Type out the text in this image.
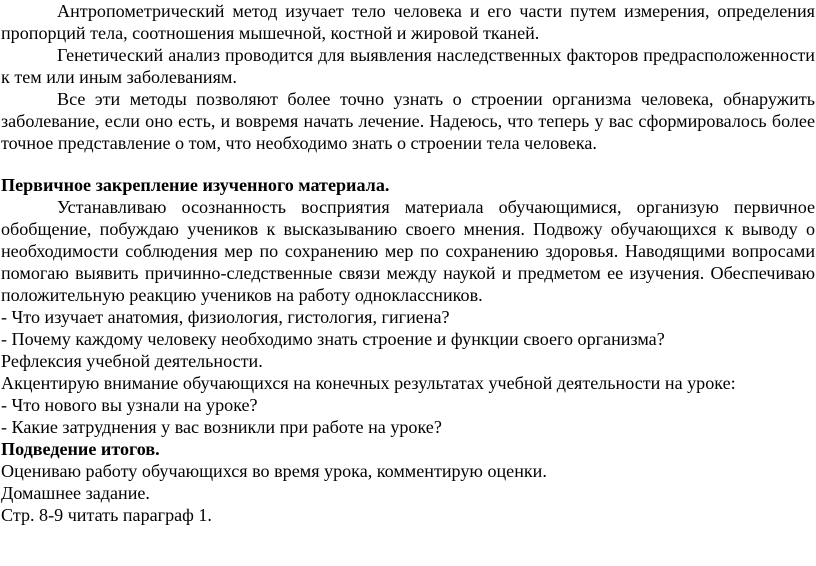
Антропометрический метод изучает тело человека и его части путем измерения, определения
пропорций тела, соотношения мышечной, костной и жировой тканей.
Генетический анализ проводится для выявления наследственных факторов предрасположенности
к тем или иным заболеваниям.
Все эти методы позволяют более точно узнать о строении организма человека, обнаружить
заболевание, если оно есть, и вовремя начать лечение. Надеюсь, что теперь у вас сформировалось более
точное представление о том, что необходимо знать о строении тела человека.
Первичное закрепление изученного материала.
Устанавливаю осознанность восприятия материала обучающимися, организую первичное
обобщение, побуждаю учеников к высказыванию своего мнения. Подвожу обучающихся к выводу о
необходимости соблюдения мер по сохранению мер по сохранению здоровья. Наводящими вопросами
помогаю выявить причинно-следственные связи между наукой и предметом ее изучения. Обеспечиваю
положительную реакцию учеников на работу одноклассников.
- Что изучает анатомия, физиология, гистология, гигиена?
- Почему каждому человеку необходимо знать строение и функции своего организма?
Рефлексия учебной деятельности.
Акцентирую внимание обучающихся на конечных результатах учебной деятельности на уроке:
- Что нового вы узнали на уроке?
- Какие затруднения у вас возникли при работе на уроке?
Подведение итогов.
Оцениваю работу обучающихся во время урока, комментирую оценки.
Домашнее задание.
Стр. 8-9 читать параграф 1.
